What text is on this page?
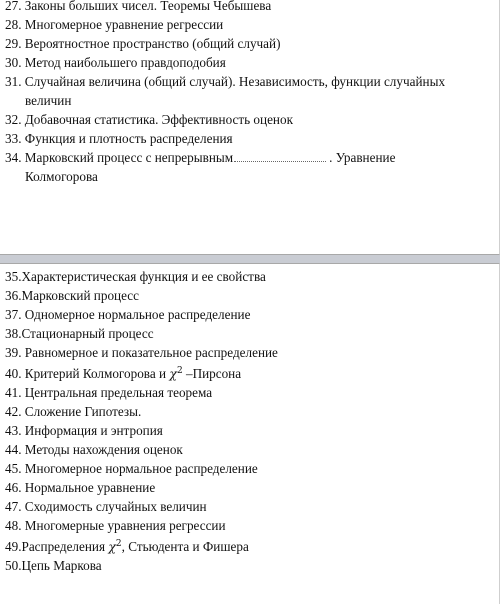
27. Законы больших чисел. Теоремы Чебышева
28. Многомерное уравнение регрессии
29. Вероятностное пространство (общий случай)
30. Метод наибольшего правдоподобия
31. Случайная величина (общий случай). Независимость, функции случайных
величин
32. Добавочная статистика. Эффективность оценок
33. Функция и плотность распределения
34. Марковский процесс с непрерывным	. Уравнение
Колмогорова
35.Характеристическая функция и ее свойства
36.Марковский процесс
37. Одномерное нормальное распределение
38.Стационарный процесс
39. Равномерное и показательное распределение
40. Критерий Колмогорова и $\chi^2$ –Пирсона
41. Центральная предельная теорема
42. Сложение Гипотезы.
43. Информация и энтропия
44. Методы нахождения оценок
45. Многомерное нормальное распределение
46. Нормальное уравнение
47. Сходимость случайных величин
48. Многомерные уравнения регрессии
49.Распределения $\chi^2$, Стьюдента и Фишера
50.Цепь Маркова
